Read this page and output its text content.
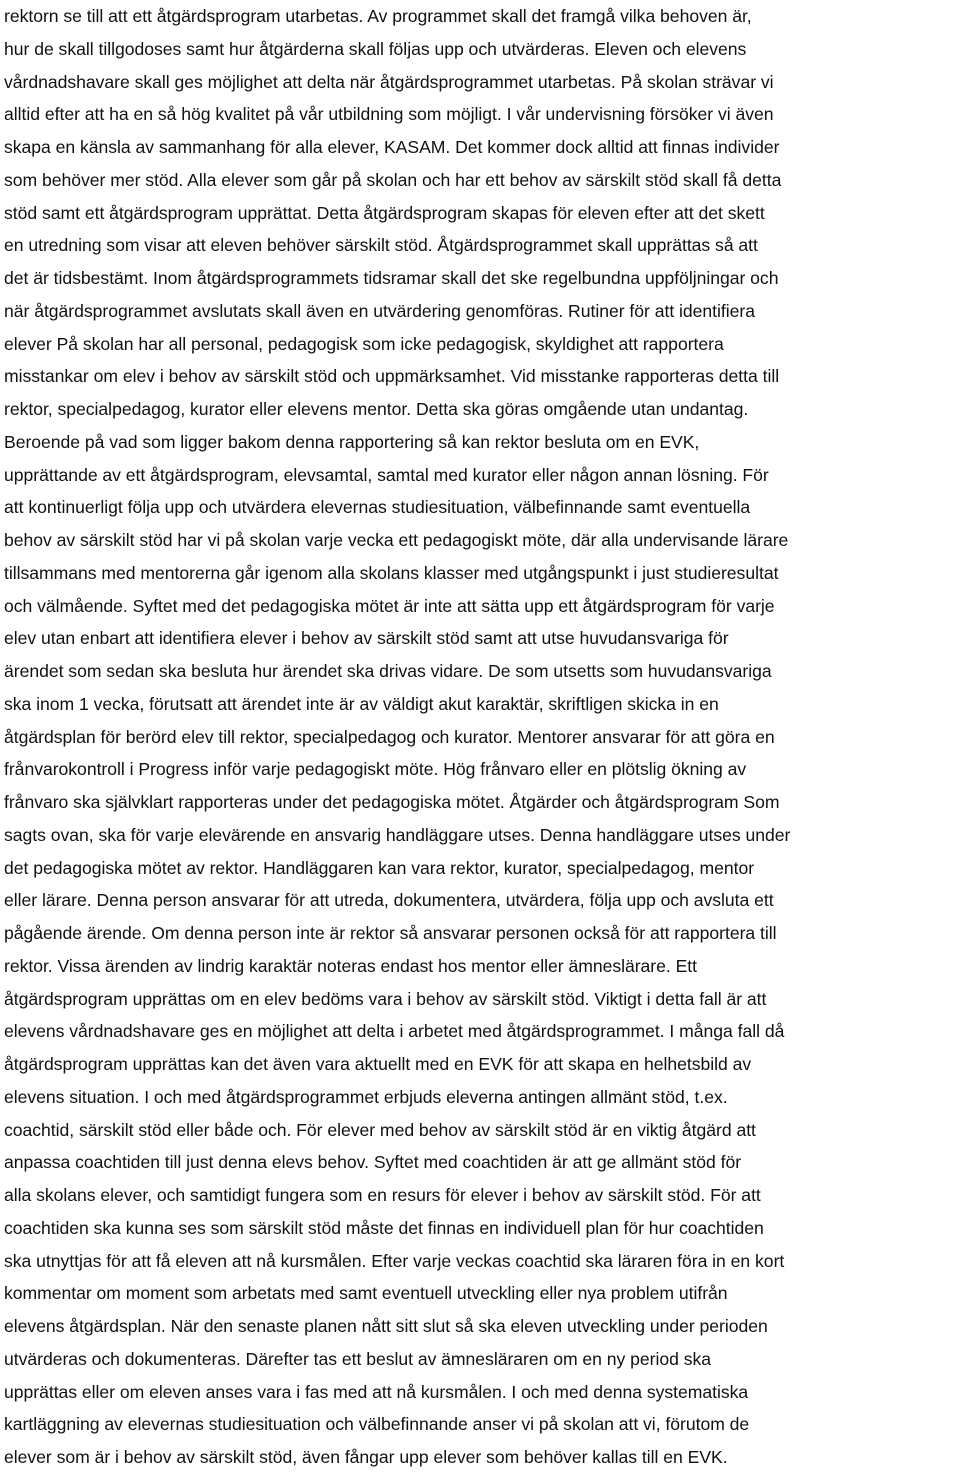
rektorn se till att ett åtgärdsprogram utarbetas. Av programmet skall det framgå vilka behoven är,
hur de skall tillgodoses samt hur åtgärderna skall följas upp och utvärderas. Eleven och elevens
vårdnadshavare skall ges möjlighet att delta när åtgärdsprogrammet utarbetas. På skolan strävar vi
alltid efter att ha en så hög kvalitet på vår utbildning som möjligt. I vår undervisning försöker vi även
skapa en känsla av sammanhang för alla elever, KASAM. Det kommer dock alltid att finnas individer
som behöver mer stöd. Alla elever som går på skolan och har ett behov av särskilt stöd skall få detta
stöd samt ett åtgärdsprogram upprättat. Detta åtgärdsprogram skapas för eleven efter att det skett
en utredning som visar att eleven behöver särskilt stöd. Åtgärdsprogrammet skall upprättas så att
det är tidsbestämt. Inom åtgärdsprogrammets tidsramar skall det ske regelbundna uppföljningar och
när åtgärdsprogrammet avslutats skall även en utvärdering genomföras. Rutiner för att identifiera
elever På skolan har all personal, pedagogisk som icke pedagogisk, skyldighet att rapportera
misstankar om elev i behov av särskilt stöd och uppmärksamhet. Vid misstanke rapporteras detta till
rektor, specialpedagog, kurator eller elevens mentor. Detta ska göras omgående utan undantag.
Beroende på vad som ligger bakom denna rapportering så kan rektor besluta om en EVK,
upprättande av ett åtgärdsprogram, elevsamtal, samtal med kurator eller någon annan lösning. För
att kontinuerligt följa upp och utvärdera elevernas studiesituation, välbefinnande samt eventuella
behov av särskilt stöd har vi på skolan varje vecka ett pedagogiskt möte, där alla undervisande lärare
tillsammans med mentorerna går igenom alla skolans klasser med utgångspunkt i just studieresultat
och välmående. Syftet med det pedagogiska mötet är inte att sätta upp ett åtgärdsprogram för varje
elev utan enbart att identifiera elever i behov av särskilt stöd samt att utse huvudansvariga för
ärendet som sedan ska besluta hur ärendet ska drivas vidare. De som utsetts som huvudansvariga
ska inom 1 vecka, förutsatt att ärendet inte är av väldigt akut karaktär, skriftligen skicka in en
åtgärdsplan för berörd elev till rektor, specialpedagog och kurator. Mentorer ansvarar för att göra en
frånvarokontroll i Progress inför varje pedagogiskt möte. Hög frånvaro eller en plötslig ökning av
frånvaro ska självklart rapporteras under det pedagogiska mötet. Åtgärder och åtgärdsprogram Som
sagts ovan, ska för varje elevärende en ansvarig handläggare utses. Denna handläggare utses under
det pedagogiska mötet av rektor. Handläggaren kan vara rektor, kurator, specialpedagog, mentor
eller lärare. Denna person ansvarar för att utreda, dokumentera, utvärdera, följa upp och avsluta ett
pågående ärende. Om denna person inte är rektor så ansvarar personen också för att rapportera till
rektor. Vissa ärenden av lindrig karaktär noteras endast hos mentor eller ämneslärare. Ett
åtgärdsprogram upprättas om en elev bedöms vara i behov av särskilt stöd. Viktigt i detta fall är att
elevens vårdnadshavare ges en möjlighet att delta i arbetet med åtgärdsprogrammet. I många fall då
åtgärdsprogram upprättas kan det även vara aktuellt med en EVK för att skapa en helhetsbild av
elevens situation. I och med åtgärdsprogrammet erbjuds eleverna antingen allmänt stöd, t.ex.
coachtid, särskilt stöd eller både och. För elever med behov av särskilt stöd är en viktig åtgärd att
anpassa coachtiden till just denna elevs behov. Syftet med coachtiden är att ge allmänt stöd för
alla skolans elever, och samtidigt fungera som en resurs för elever i behov av särskilt stöd. För att
coachtiden ska kunna ses som särskilt stöd måste det finnas en individuell plan för hur coachtiden
ska utnyttjas för att få eleven att nå kursmålen. Efter varje veckas coachtid ska läraren föra in en kort
kommentar om moment som arbetats med samt eventuell utveckling eller nya problem utifrån
elevens åtgärdsplan. När den senaste planen nått sitt slut så ska eleven utveckling under perioden
utvärderas och dokumenteras. Därefter tas ett beslut av ämnesläraren om en ny period ska
upprättas eller om eleven anses vara i fas med att nå kursmålen. I och med denna systematiska
kartläggning av elevernas studiesituation och välbefinnande anser vi på skolan att vi, förutom de
elever som är i behov av särskilt stöd, även fångar upp elever som behöver kallas till en EVK.
